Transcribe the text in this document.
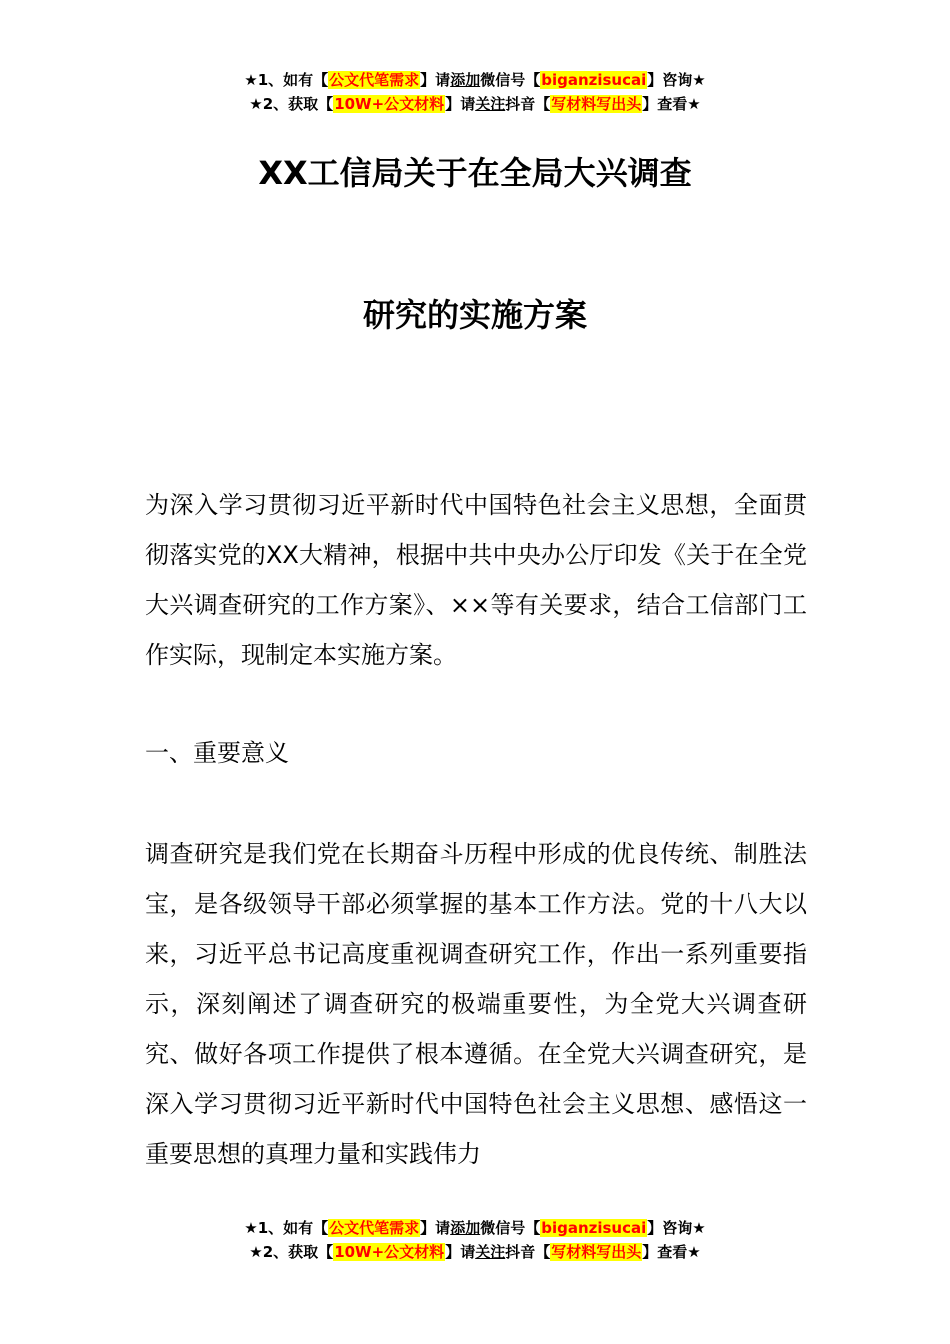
★1、如有【公文代笔需求】请添加微信号【biganzisucai】咨询★
★2、获取【10W+公文材料】请关注抖音【写材料写出头】查看★
XX工信局关于在全局大兴调查
研究的实施方案

为深入学习贯彻习近平新时代中国特色社会主义思想，全面贯彻落实党的XX大精神，根据中共中央办公厅印发《关于在全党大兴调查研究的工作方案》、××等有关要求，结合工信部门工作实际，现制定本实施方案。

一、重要意义

调查研究是我们党在长期奋斗历程中形成的优良传统、制胜法宝，是各级领导干部必须掌握的基本工作方法。党的十八大以来，习近平总书记高度重视调查研究工作，作出一系列重要指示，深刻阐述了调查研究的极端重要性，为全党大兴调查研究、做好各项工作提供了根本遵循。在全党大兴调查研究，是深入学习贯彻习近平新时代中国特色社会主义思想、感悟这一重要思想的真理力量和实践伟力

★1、如有【公文代笔需求】请添加微信号【biganzisucai】咨询★
★2、获取【10W+公文材料】请关注抖音【写材料写出头】查看★
